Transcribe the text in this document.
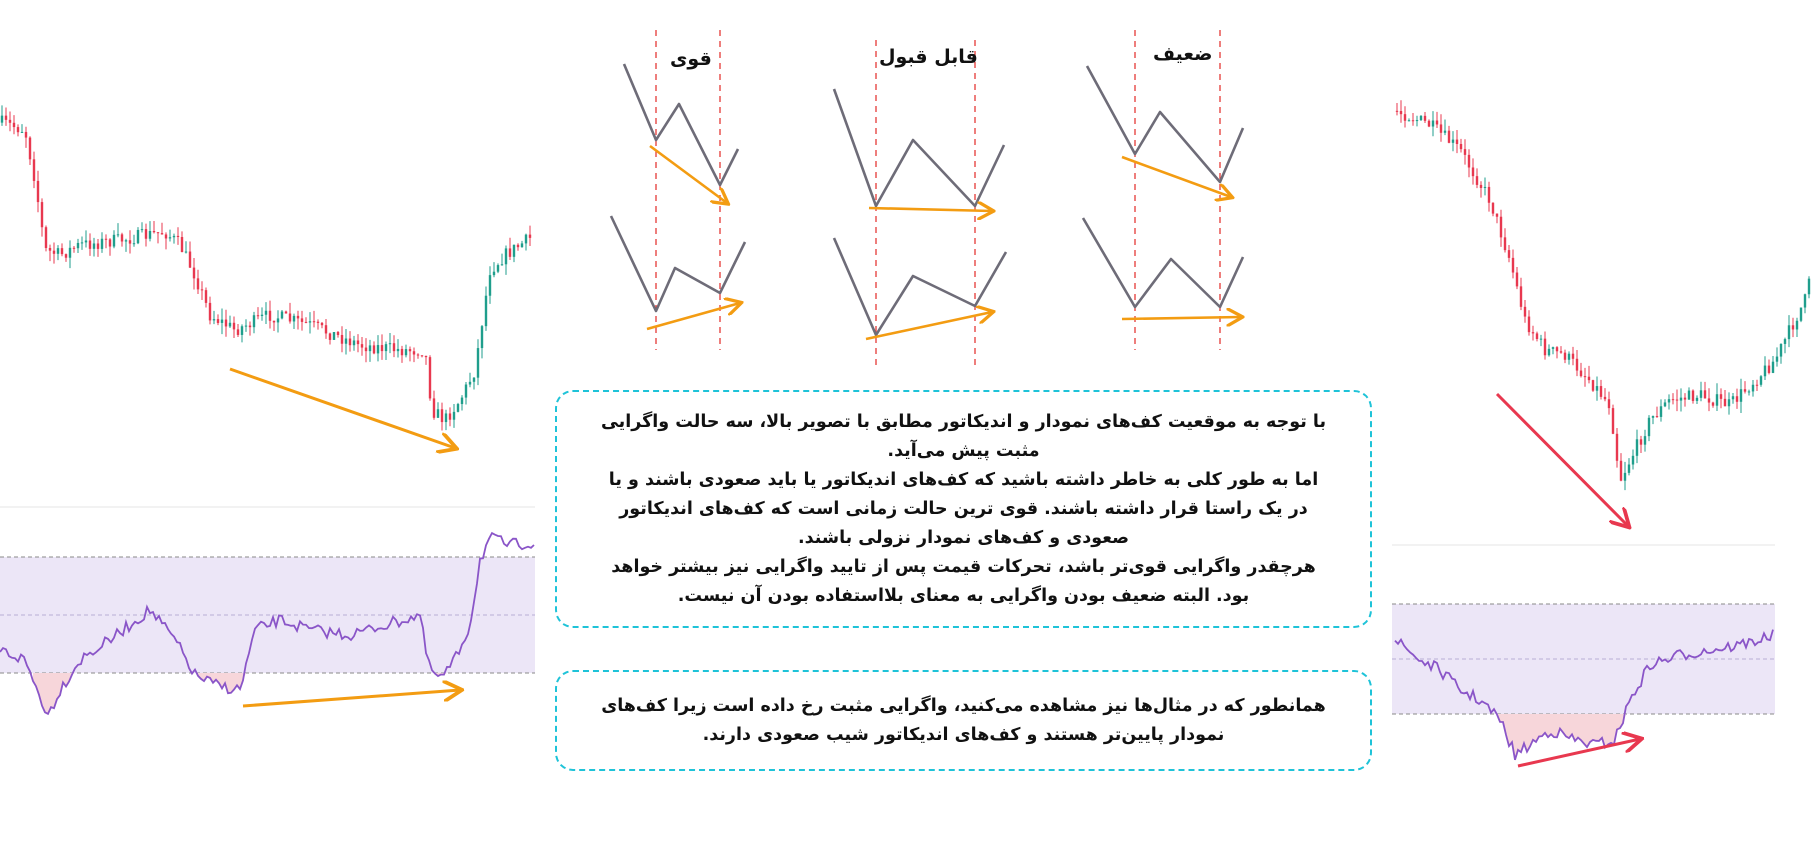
قوی	قابل قبول	ضعیف

با توجه به موقعیت کف‌های نمودار و اندیکاتور مطابق با تصویر بالا، سه حالت واگرایی مثبت پیش می‌آید.

اما به طور کلی به خاطر داشته باشید که کف‌های اندیکاتور یا باید صعودی باشند و یا در یک راستا قرار داشته باشند. قوی ترین حالت زمانی است که کف‌های اندیکاتور صعودی و کف‌های نمودار نزولی باشند.

هرچقدر واگرایی قوی‌تر باشد، تحرکات قیمت پس از تایید واگرایی نیز بیشتر خواهد بود. البته ضعیف بودن واگرایی به معنای بلااستفاده بودن آن نیست.

همانطور که در مثال‌ها نیز مشاهده می‌کنید، واگرایی مثبت رخ داده است زیرا کف‌های نمودار پایین‌تر هستند و کف‌های اندیکاتور شیب صعودی دارند.
